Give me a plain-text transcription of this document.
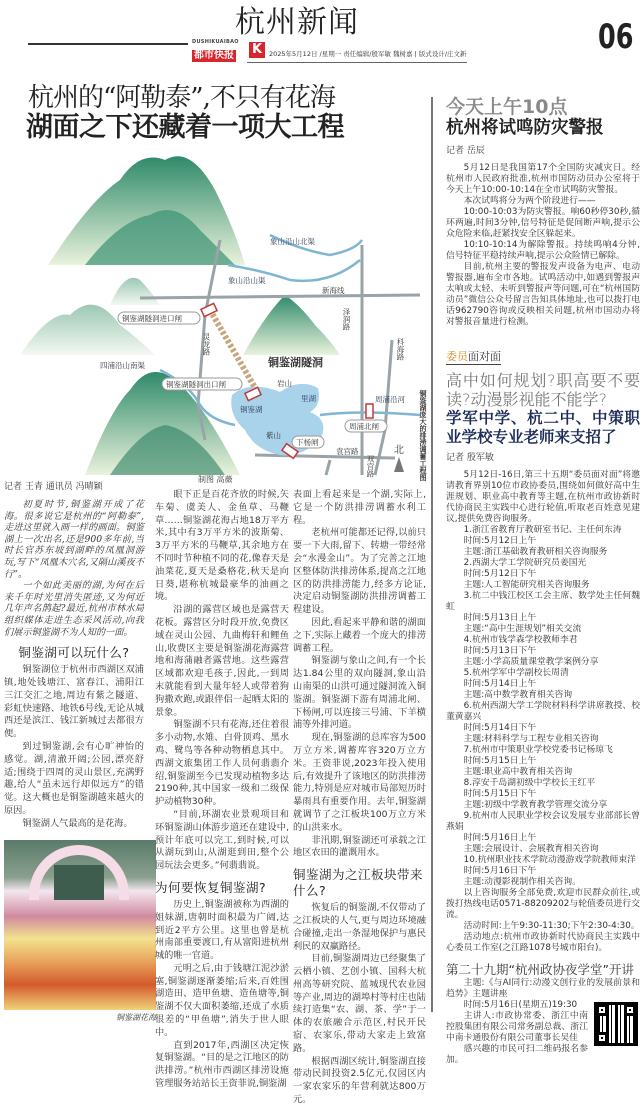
杭州新闻
DUSHIKUAIBAO
都市快报	K	2025年5月12日 /星期一 责任编辑/殷军敏 魏树嘉 | 版式设计/庄文新	06
杭州的“阿勒泰”,不只有花海
湖面之下还藏着一项大工程
象山沿山北渠
象山沿山渠
新海线
周浦沿河
里湖
岩山
铜鉴湖
紫山
袁宫路
四浦沿山南渠
铜鉴湖隧洞进口闸
铜鉴湖隧洞出口闸
周浦北闸
下杨闸
铜鉴湖隧洞
北
灵龙路
泽润路
科海路
双宫路	铜鉴湖庞大的排涝调蓄工程图
制图 高薇
记者 王青 通讯员 冯晴颖

初夏时节,铜鉴湖开成了花海。很多说它是杭州的“阿勒泰”,走进这里就入画一样的画面。铜鉴湖上一次出名,还是900多年前,当时长官苏东坡到湖畔的凤凰洞游玩,写下“凤凰木穴名,又隔山溪夜不行”。

一个如此美丽的湖,为何在后来千年时光里消失匿迹,又为何近几年声名鹊起?最近,杭州市林水局组织媒体走进生态采风活动,向我们展示铜鉴湖不为人知的一面。

铜鉴湖可以玩什么?

铜鉴湖位于杭州市西湖区双浦镇,地处钱塘江、富春江、浦阳江三江交汇之地,周边有紫之隧道、彩虹快速路、地铁6号线,无论从城西还是滨江、钱江新城过去都很方便。

到过铜鉴湖,会有心旷神怡的感觉。湖,清澈开阔;公园,漂亮舒适;围绕于四周的灵山景区,充满野趣,给人“虽未远行却似远方”的错觉。这大概也是铜鉴湖越来越火的原因。

铜鉴湖人气最高的是花海。

铜鉴湖花海

眼下正是百花齐放的时候,矢车菊、虞美人、金鱼草、马鞭草……铜鉴湖花海占地18万平方米,其中有3万平方米的波斯菊、3万平方米的马鞭草,其余地方在不同时节种植不同的花,像春天是油菜花,夏天是桑格花,秋天是向日葵,堪称杭城最豪华的油画之境。

沿湖的露营区域也是露营天花板。露营区分时段开放,免费区域在灵山公园、九曲梅轩和鲤鱼山,收费区主要是铜鉴湖花海露营地和海蒲融者露营地。这些露营区域都欢迎毛孩子,因此,一到周末就能看到大量年轻人或带着狗狗撒欢跑,或跟伴侣一起晒太阳的景象。

铜鉴湖不只有花海,还住着很多小动物,水雉、白骨顶鸡、黑水鸡、鹭鸟等各种动物栖息其中。西湖文旅集团工作人员何翡翡介绍,铜鉴湖至今已发现动植物多达2190种,其中国家一级和二级保护动植物30种。

“目前,环湖农业景观项目和环铜鉴湖山体游步道还在建设中,预计年底可以完工,到时候,可以从湖玩到山,从湖逛到田,整个公园玩法会更多。”何翡翡说。

为何要恢复铜鉴湖?

历史上,铜鉴湖被称为西湖的姐妹湖,唐朝时面积最为广阔,达到近2平方公里。这里也曾是杭州南部重要渡口,有从富阳进杭州城的唯一官道。

元明之后,由于钱塘江泥沙淤塞,铜鉴湖逐渐萎缩;后来,百姓围湖造田、造甲鱼塘、造鱼塘等,铜鉴湖不仅大面积萎缩,还成了水质很差的“甲鱼塘”,消失于世人眼中。

直到2017年,西湖区决定恢复铜鉴湖。“目的是之江地区的防洪排涝。”杭州市西湖区排涝设施管理服务站站长王资菲说,铜鉴湖

表面上看起来是一个湖,实际上,它是一个防洪排涝调蓄水利工程。

老杭州可能都还记得,以前只要一下大雨,留下、转塘一带经常会“水漫金山”。为了完善之江地区整体防洪排涝体系,提高之江地区的防洪排涝能力,经多方论证,决定启动铜鉴湖防洪排涝调蓄工程建设。

因此,看起来平静和谐的湖面之下,实际上藏着一个庞大的排涝调蓄工程。

铜鉴湖与象山之间,有一个长达1.84公里的双向隧洞,象山沿山南渠的山洪可通过隧洞流入铜鉴湖。铜鉴湖下游有周浦北闸、下杨闸,可以连接三号浦、下羊横浦等外排河道。

现在,铜鉴湖的总库容为500万立方米,调蓄库容320万立方米。王资菲说,2023年投入使用后,有效提升了该地区的防洪排涝能力,特别是应对城市局部短历时暴雨具有重要作用。去年,铜鉴湖就调节了之江板块100万立方米的山洪来水。

非汛期,铜鉴湖还可承载之江地区农田的灌溉用水。

铜鉴湖为之江板块带来什么?

恢复后的铜鉴湖,不仅带动了之江板块的人气,更与周边环境融合碰撞,走出一条湿地保护与惠民利民的双赢路径。

目前,铜鉴湖周边已经聚集了云栖小镇、艺创小镇、国科大杭州高等研究院、蓝城现代农业园等产业,周边的湖埠村等村庄也陆续打造集“农、湖、茶、学”于一体的农旅融合示范区,村民开民宿、农家乐,带动大家走上致富路。

根据西湖区统计,铜鉴湖直接带动民间投资2.5亿元,仅园区内一家农家乐的年营利就达800万元。

今天上午10点
杭州将试鸣防灾警报
记者 岳辰

5月12日是我国第17个全国防灾减灾日。经杭州市人民政府批准,杭州市国防动员办公室将于今天上午10:00-10:14在全市试鸣防灾警报。

本次试鸣将分为两个阶段进行——

10:00-10:03为防灾警报。响60秒停30秒,循环两遍,时间3分钟,信号特征是促间断声响,提示公众危险来临,赶紧找安全区躲起来。

10:10-10:14为解除警报。持续鸣响4分钟,信号特征平稳持续声响,提示公众险情已解除。

目前,杭州主要的警报发声设备为电声、电动警报器,遍布全市各地。试鸣活动中,如遇到警报声太响或太轻、未听到警报声等问题,可在“杭州国防动员”微信公众号留言告知具体地址,也可以拨打电话962790咨询或反映相关问题,杭州市国动办将对警报音量进行检测。

委员面对面
高中如何规划?职高要不要读?动漫影视能不能学?
学军中学、杭二中、中策职业学校专业老师来支招了
记者 殷军敏

5月12日-16日,第三十五期“委员面对面”将邀请教育界别10位市政协委员,围绕如何做好高中生涯规划、职业高中教育等主题,在杭州市政协新时代协商民主实践中心进行轮值,听取老百姓意见建议,提供免费咨询服务。

1.浙江省教育厅教研室书记、主任何东涛

时间:5月12日上午

主题:浙江基础教育教研相关咨询服务

2.西湖大学工学院研究员姜国光

时间:5月12日下午

主题:人工智能研究相关咨询服务

3.杭二中钱江校区工会主席、数学处主任何魏虹

时间:5月13日上午

主题:“高中生涯规划”相关交流

4.杭州市钱学森学校教师李君

时间:5月13日下午

主题:小学高质量课堂教学案例分享

5.杭州学军中学副校长周清

时间:5月14日上午

主题:高中数学教育相关咨询

6.杭州西湖大学工学院材料科学讲席教授、校董黄嘉兴

时间:5月14日下午

主题:材料科学与工程专业相关咨询

7.杭州市中策职业学校党委书记杨琼飞

时间:5月15日上午

主题:职业高中教育相关咨询

8.淳安千岛湖初级中学校长王红平

时间:5月15日下午

主题:初级中学教育教学管理交流分享

9.杭州市人民职业学校会议发展专业部部长曾燕娟

时间:5月16日上午

主题:会展设计、会展教育相关咨询

10.杭州职业技术学院动漫游戏学院教师束洋

时间:5月16日下午

主题:动漫影视制作相关咨询。

以上咨询服务全部免费,欢迎市民群众前往,或拨打热线电话0571-88209202与轮值委员进行交流。

活动时间:上午9:30-11:30;下午2:30-4:30。

活动地点:杭州市政协新时代协商民主实践中心委员工作室(之江路1078号城市阳台)。

第二十九期“杭州政协夜学堂”开讲

主题:《与AI同行:动漫文创行业的发展前景和趋势》主题讲座

时间:5月16日(星期五)19:30

主讲人:市政协常委、浙江中南控股集团有限公司常务副总裁、浙江中南卡通股份有限公司董事长吴佳

感兴趣的市民可扫二维码报名参加。
